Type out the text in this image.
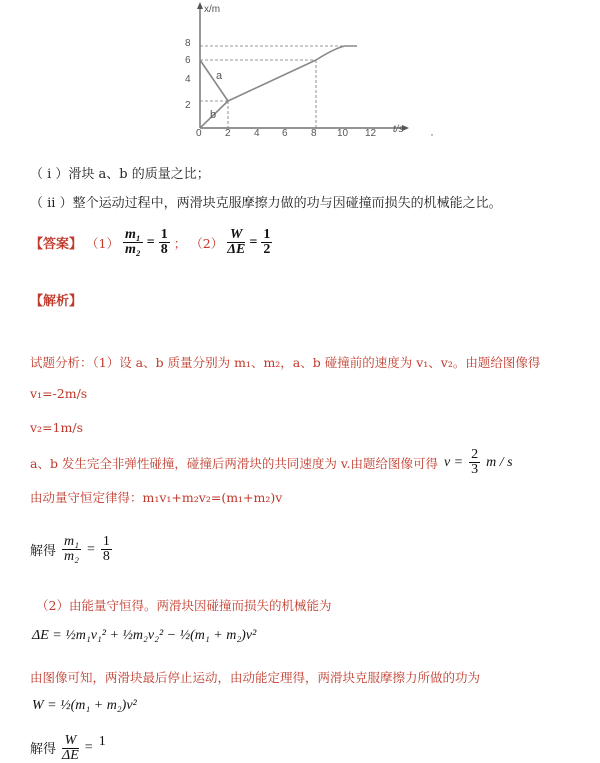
x/m
t/s
8
6
4
2
0 2 4 6 8 10 12
a
b
·
（ i ）滑块 a、b 的质量之比；
（ ii ）整个运动过程中，两滑块克服摩擦力做的功与因碰撞而损失的机械能之比。
【答案】 $(1) \frac{\text{m₁}}{\text{m₂}} = \frac{1}{8}$ ； $(2) \frac{W}{\Delta E} = \frac{1}{2}$
【解析】
试题分析：（1）设 a、b 质量分别为 m₁、m₂，a、b 碰撞前的速度为 v₁、v₂。由题给图像得
v₁=-2m/s
v₂=1m/s
a、b 发生完全非弹性碰撞，碰撞后两滑块的共同速度为 v.由题给图像可得 $v = \frac{2}{3}$ m / s
由动量守恒定律得：m₁v₁+m₂v₂=(m₁+m₂)v
解得 $\frac{\text{m₁}}{\text{m₂}} = \frac{1}{8}$
（2）由能量守恒得。两滑块因碰撞而损失的机械能为
ΔE = ½m₁v₁² + ½m₂v₂² − ½(m₁ + m₂)v²
由图像可知，两滑块最后停止运动，由动能定理得，两滑块克服摩擦力所做的功为
W = ½(m₁ + m₂)v²
解得 $\frac{W}{\Delta E} = 1$
